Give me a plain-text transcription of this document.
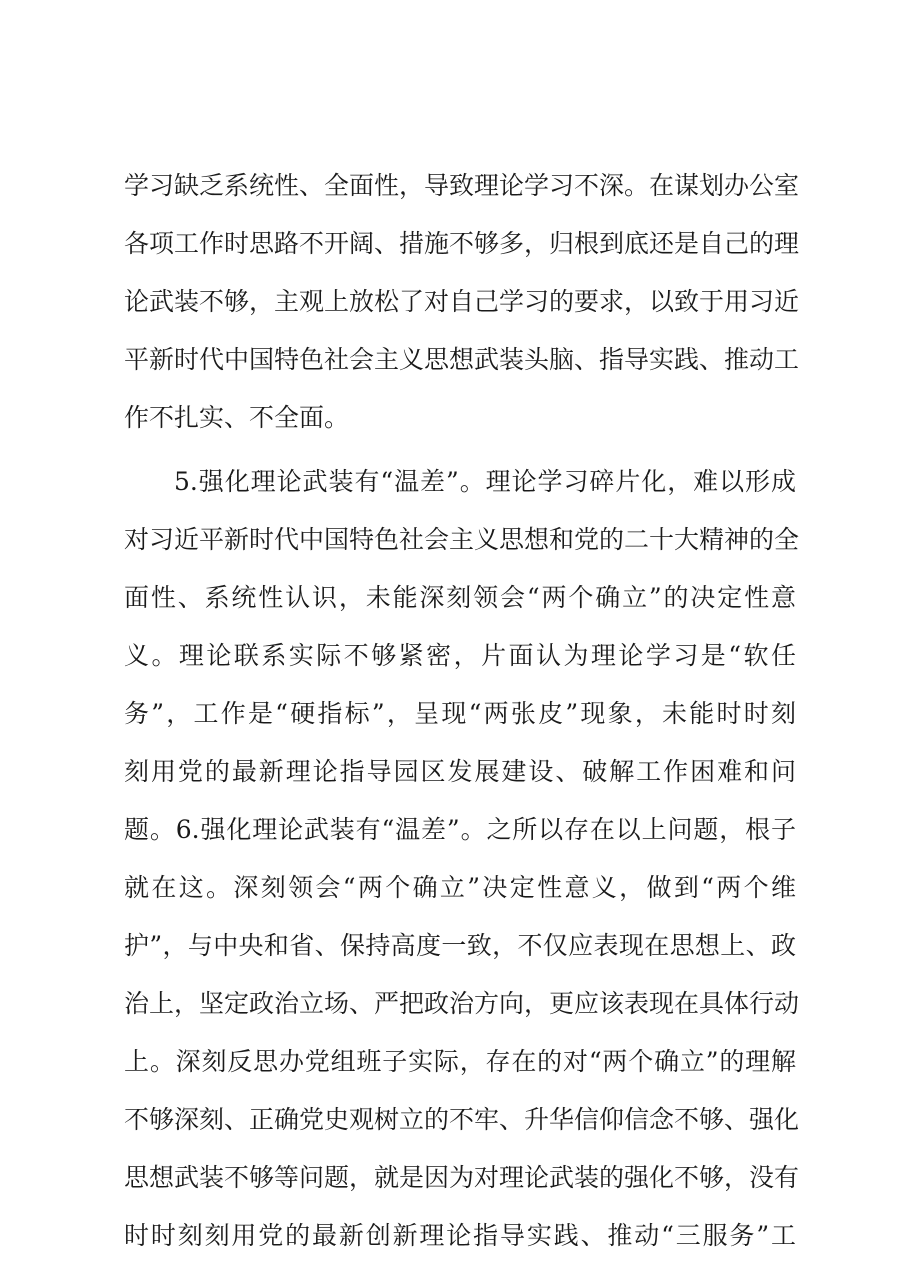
学习缺乏系统性、全面性，导致理论学习不深。在谋划办公室
各项工作时思路不开阔、措施不够多，归根到底还是自己的理
论武装不够，主观上放松了对自己学习的要求，以致于用习近
平新时代中国特色社会主义思想武装头脑、指导实践、推动工
作不扎实、不全面。
5.强化理论武装有“温差”。理论学习碎片化，难以形成
对习近平新时代中国特色社会主义思想和党的二十大精神的全
面性、系统性认识，未能深刻领会“两个确立”的决定性意
义。理论联系实际不够紧密，片面认为理论学习是“软任
务”，工作是“硬指标”，呈现“两张皮”现象，未能时时刻
刻用党的最新理论指导园区发展建设、破解工作困难和问
题。6.强化理论武装有“温差”。之所以存在以上问题，根子
就在这。深刻领会“两个确立”决定性意义，做到“两个维
护”，与中央和省、保持高度一致，不仅应表现在思想上、政
治上，坚定政治立场、严把政治方向，更应该表现在具体行动
上。深刻反思办党组班子实际，存在的对“两个确立”的理解
不够深刻、正确党史观树立的不牢、升华信仰信念不够、强化
思想武装不够等问题，就是因为对理论武装的强化不够，没有
时时刻刻用党的最新创新理论指导实践、推动“三服务”工
